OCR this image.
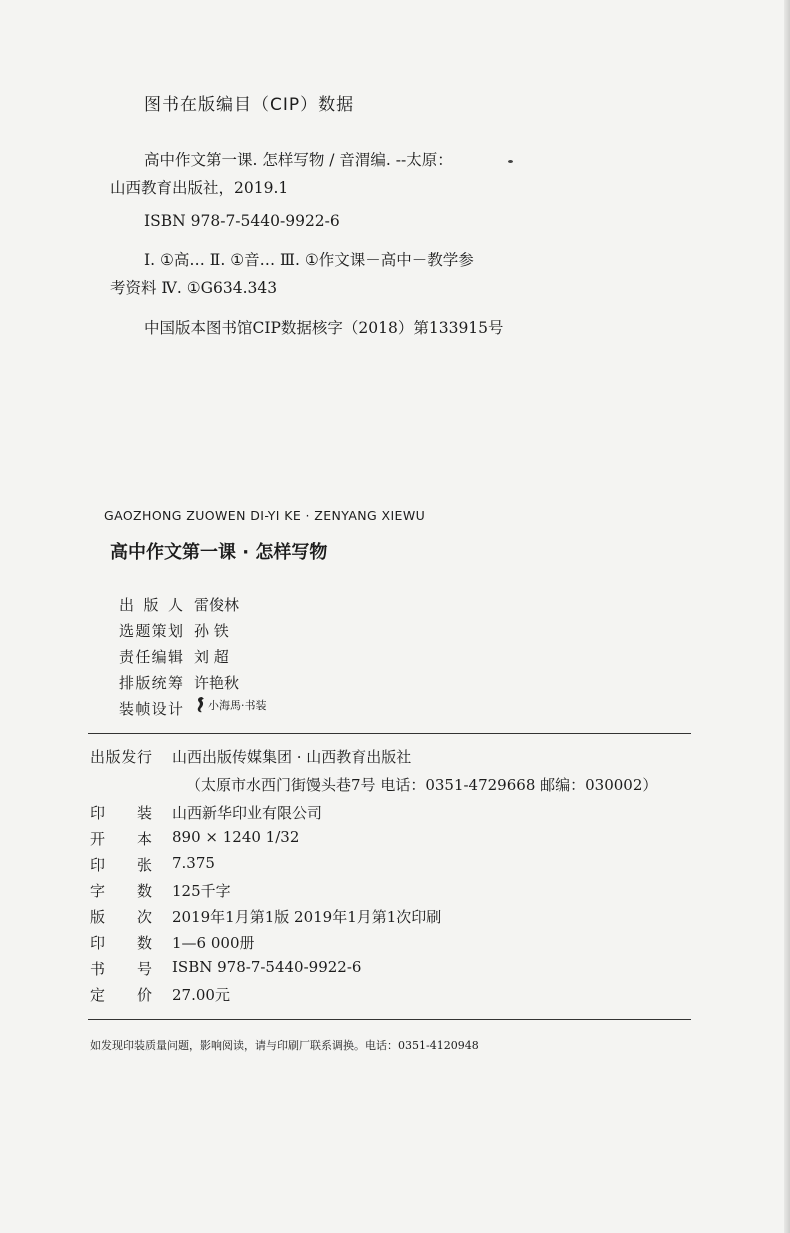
图书在版编目（CIP）数据
高中作文第一课. 怎样写物 / 音渭编. --太原：
山西教育出版社，2019.1
ISBN 978-7-5440-9922-6
Ⅰ. ①高… Ⅱ. ①音… Ⅲ. ①作文课－高中－教学参
考资料 Ⅳ. ①G634.343
中国版本图书馆CIP数据核字（2018）第133915号
GAOZHONG ZUOWEN DI-YI KE · ZENYANG XIEWU
高中作文第一课 · 怎样写物
出版人 雷俊林
选题策划 孙 铁
责任编辑 刘 超
排版统筹 许艳秋
装帧设计 小海馬·书装
出版发行 山西出版传媒集团 · 山西教育出版社
（太原市水西门街馒头巷7号 电话：0351-4729668 邮编：030002）
印装 山西新华印业有限公司
开本 890 × 1240 1/32
印张 7.375
字数 125千字
版次 2019年1月第1版 2019年1月第1次印刷
印数 1—6 000册
书号 ISBN 978-7-5440-9922-6
定价 27.00元
如发现印装质量问题，影响阅读，请与印刷厂联系调换。电话：0351-4120948
